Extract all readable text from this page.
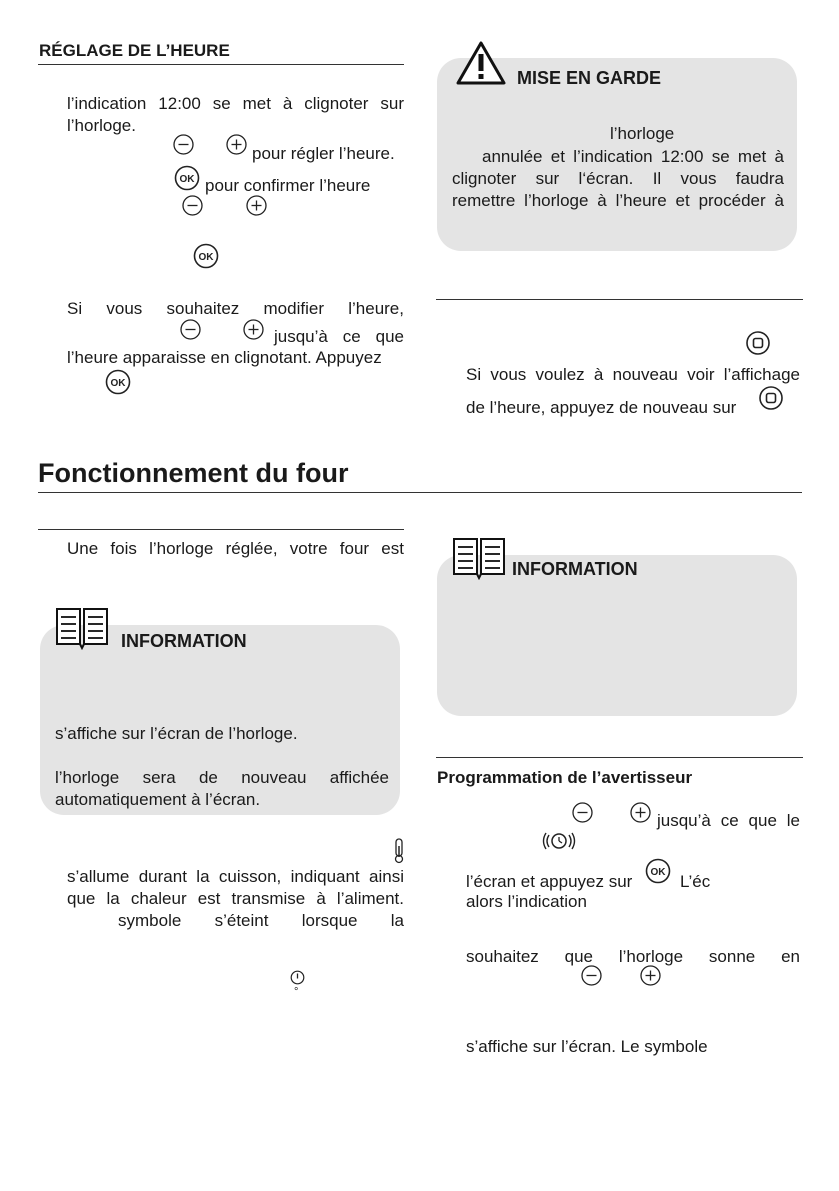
RÉGLAGE DE L’HEURE
l’indication 12:00 se met à clignoter sur
l’horloge.
pour régler l’heure.
OK pour confirmer l’heure
OK
Si vous souhaitez modifier l’heure,
jusqu’à ce que
l’heure apparaisse en clignotant. Appuyez
OK
MISE EN GARDE
l’horloge
annulée et l’indication 12:00 se met à
clignoter sur l‘écran. Il vous faudra
remettre l’horloge à l’heure et procéder à
Si vous voulez à nouveau voir l’affichage
de l’heure, appuyez de nouveau sur
Fonctionnement du four
Une fois l’horloge réglée, votre four est
INFORMATION
s’affiche sur l’écran de l’horloge.
l’horloge sera de nouveau affichée
automatiquement à l’écran.
s’allume durant la cuisson, indiquant ainsi
que la chaleur est transmise à l’aliment.
symbole s’éteint lorsque la
°
INFORMATION
Programmation de l’avertisseur
jusqu’à ce que le
l’écran et appuyez sur OK L’éc
alors l’indication
souhaitez que l’horloge sonne en
s’affiche sur l’écran. Le symbole
